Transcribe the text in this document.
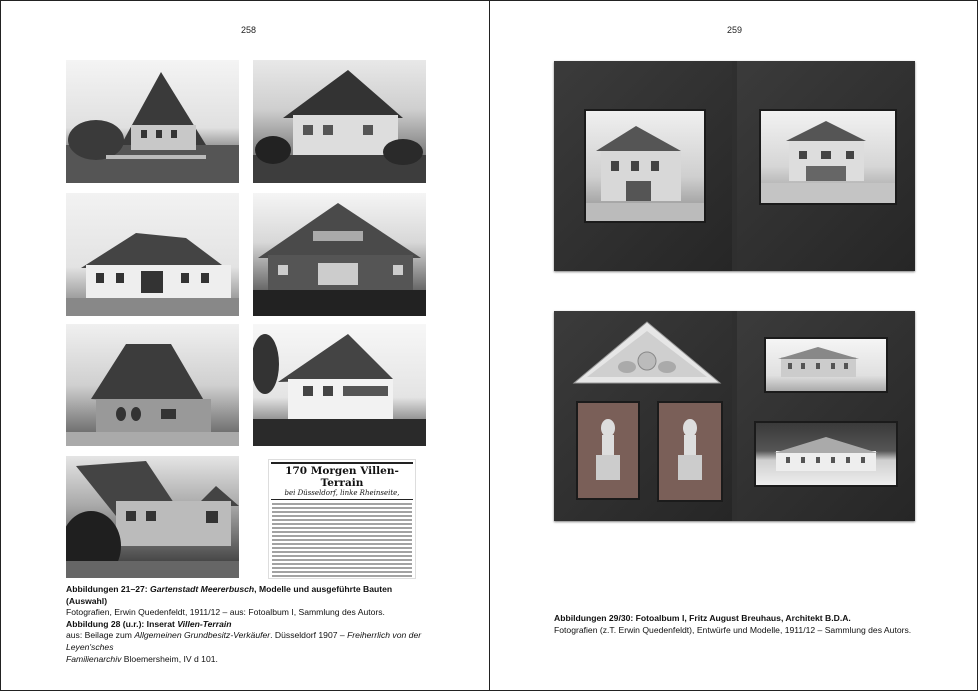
258
170 Morgen Villen-Terrain
bei Düsseldorf, linke Rheinseite,
Abbildungen 21–27: Gartenstadt Meererbusch, Modelle und ausgeführte Bauten (Auswahl)
Fotografien, Erwin Quedenfeldt, 1911/12 – aus: Fotoalbum I, Sammlung des Autors.
Abbildung 28 (u.r.): Inserat Villen-Terrain
aus: Beilage zum Allgemeinen Grundbesitz-Verkäufer. Düsseldorf 1907 – Freiherrlich von der Leyen'sches
Familienarchiv Bloemersheim, IV d 101.
259
Abbildungen 29/30: Fotoalbum I, Fritz August Breuhaus, Architekt B.D.A.
Fotografien (z.T. Erwin Quedenfeldt), Entwürfe und Modelle, 1911/12 – Sammlung des Autors.
